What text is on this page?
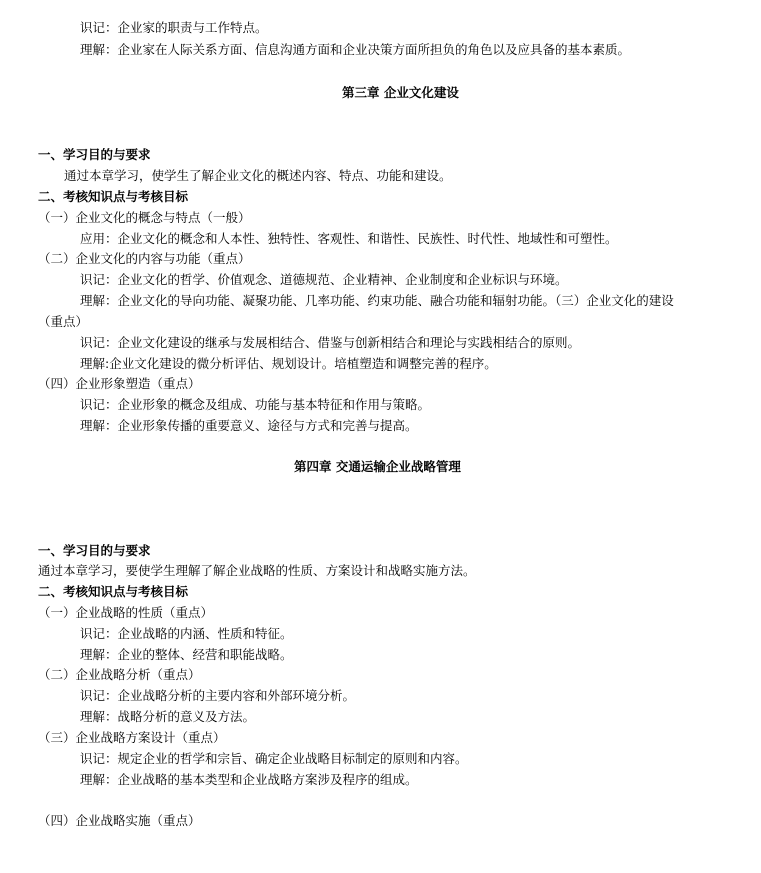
识记：企业家的职责与工作特点。
理解：企业家在人际关系方面、信息沟通方面和企业决策方面所担负的角色以及应具备的基本素质。
第三章 企业文化建设
一、学习目的与要求
通过本章学习，使学生了解企业文化的概述内容、特点、功能和建设。
二、考核知识点与考核目标
（一）企业文化的概念与特点（一般）
应用：企业文化的概念和人本性、独特性、客观性、和谐性、民族性、时代性、地域性和可塑性。
（二）企业文化的内容与功能（重点）
识记：企业文化的哲学、价值观念、道德规范、企业精神、企业制度和企业标识与环境。
理解：企业文化的导向功能、凝聚功能、几率功能、约束功能、融合功能和辐射功能。（三）企业文化的建设
（重点）
识记：企业文化建设的继承与发展相结合、借鉴与创新相结合和理论与实践相结合的原则。
理解:企业文化建设的微分析评估、规划设计。培植塑造和调整完善的程序。
（四）企业形象塑造（重点）
识记：企业形象的概念及组成、功能与基本特征和作用与策略。
理解：企业形象传播的重要意义、途径与方式和完善与提高。
第四章 交通运输企业战略管理
一、学习目的与要求
通过本章学习，要使学生理解了解企业战略的性质、方案设计和战略实施方法。
二、考核知识点与考核目标
（一）企业战略的性质（重点）
识记：企业战略的内涵、性质和特征。
理解：企业的整体、经营和职能战略。
（二）企业战略分析（重点）
识记：企业战略分析的主要内容和外部环境分析。
理解：战略分析的意义及方法。
（三）企业战略方案设计（重点）
识记：规定企业的哲学和宗旨、确定企业战略目标制定的原则和内容。
理解：企业战略的基本类型和企业战略方案涉及程序的组成。
（四）企业战略实施（重点）
